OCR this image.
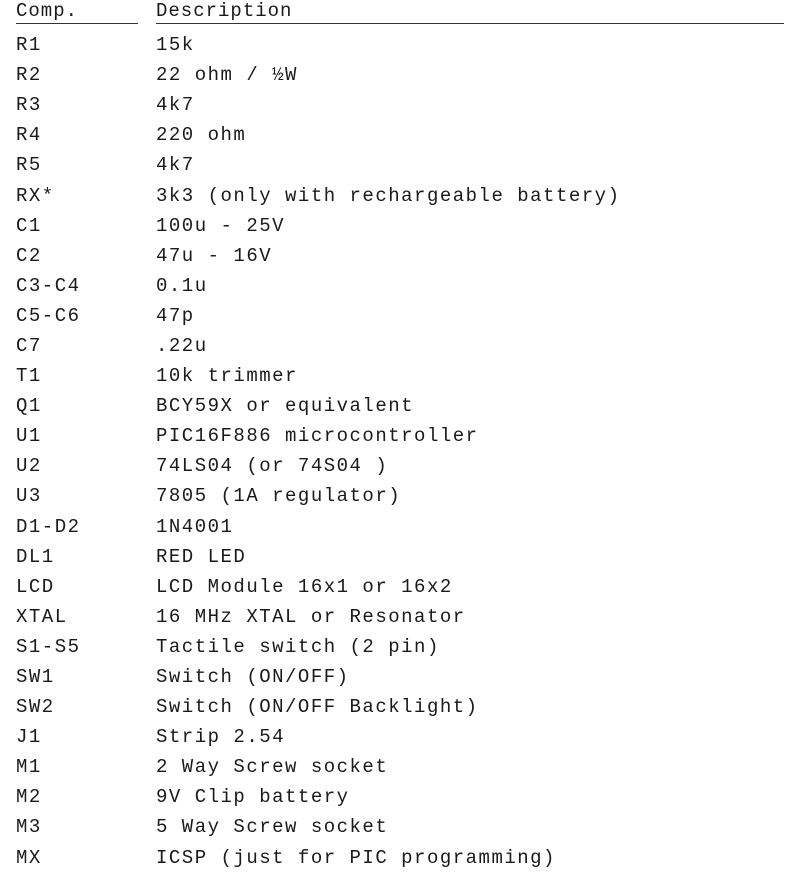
Comp.	Description
R1	15k
R2	22 ohm / ½W
R3	4k7
R4	220 ohm
R5	4k7
RX*	3k3 (only with rechargeable battery)
C1	100u - 25V
C2	47u - 16V
C3-C4	0.1u
C5-C6	47p
C7	.22u
T1	10k trimmer
Q1	BCY59X or equivalent
U1	PIC16F886 microcontroller
U2	74LS04 (or 74S04 )
U3	7805 (1A regulator)
D1-D2	1N4001
DL1	RED LED
LCD	LCD Module 16x1 or 16x2
XTAL	16 MHz XTAL or Resonator
S1-S5	Tactile switch (2 pin)
SW1	Switch (ON/OFF)
SW2	Switch (ON/OFF Backlight)
J1	Strip 2.54
M1	2 Way Screw socket
M2	9V Clip battery
M3	5 Way Screw socket
MX	ICSP (just for PIC programming)
